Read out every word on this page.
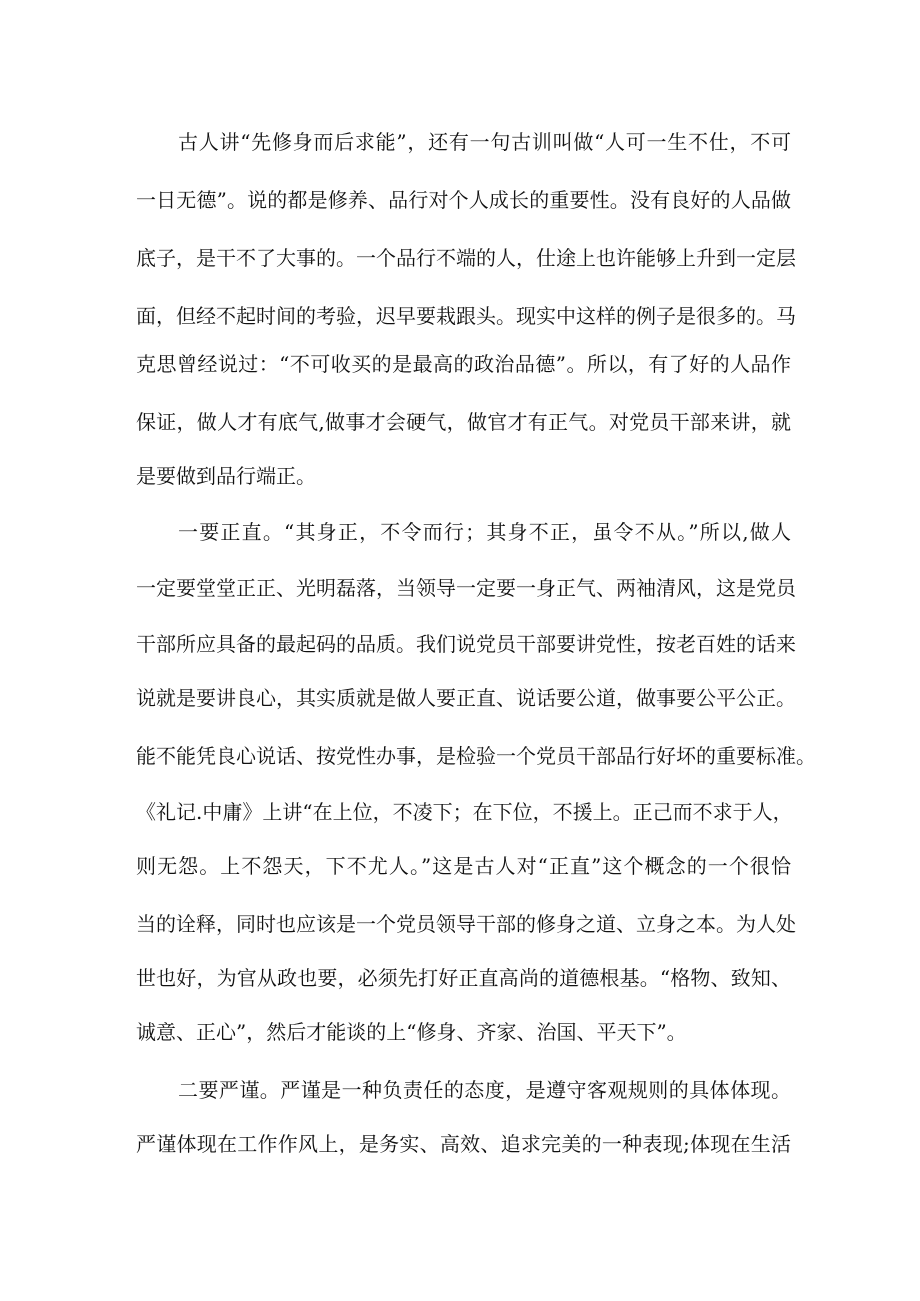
古人讲“先修身而后求能”，还有一句古训叫做“人可一生不仕，不可
一日无德”。说的都是修养、品行对个人成长的重要性。没有良好的人品做
底子，是干不了大事的。一个品行不端的人，仕途上也许能够上升到一定层
面，但经不起时间的考验，迟早要栽跟头。现实中这样的例子是很多的。马
克思曾经说过：“不可收买的是最高的政治品德”。所以，有了好的人品作
保证，做人才有底气,做事才会硬气，做官才有正气。对党员干部来讲，就
是要做到品行端正。
一要正直。“其身正，不令而行；其身不正，虽令不从。”所以,做人
一定要堂堂正正、光明磊落，当领导一定要一身正气、两袖清风，这是党员
干部所应具备的最起码的品质。我们说党员干部要讲党性，按老百姓的话来
说就是要讲良心，其实质就是做人要正直、说话要公道，做事要公平公正。
能不能凭良心说话、按党性办事，是检验一个党员干部品行好坏的重要标准。
《礼记.中庸》上讲“在上位，不凌下；在下位，不援上。正己而不求于人，
则无怨。上不怨天，下不尤人。”这是古人对“正直”这个概念的一个很恰
当的诠释，同时也应该是一个党员领导干部的修身之道、立身之本。为人处
世也好，为官从政也要，必须先打好正直高尚的道德根基。“格物、致知、
诚意、正心”，然后才能谈的上“修身、齐家、治国、平天下”。
二要严谨。严谨是一种负责任的态度，是遵守客观规则的具体体现。
严谨体现在工作作风上，是务实、高效、追求完美的一种表现;体现在生活
